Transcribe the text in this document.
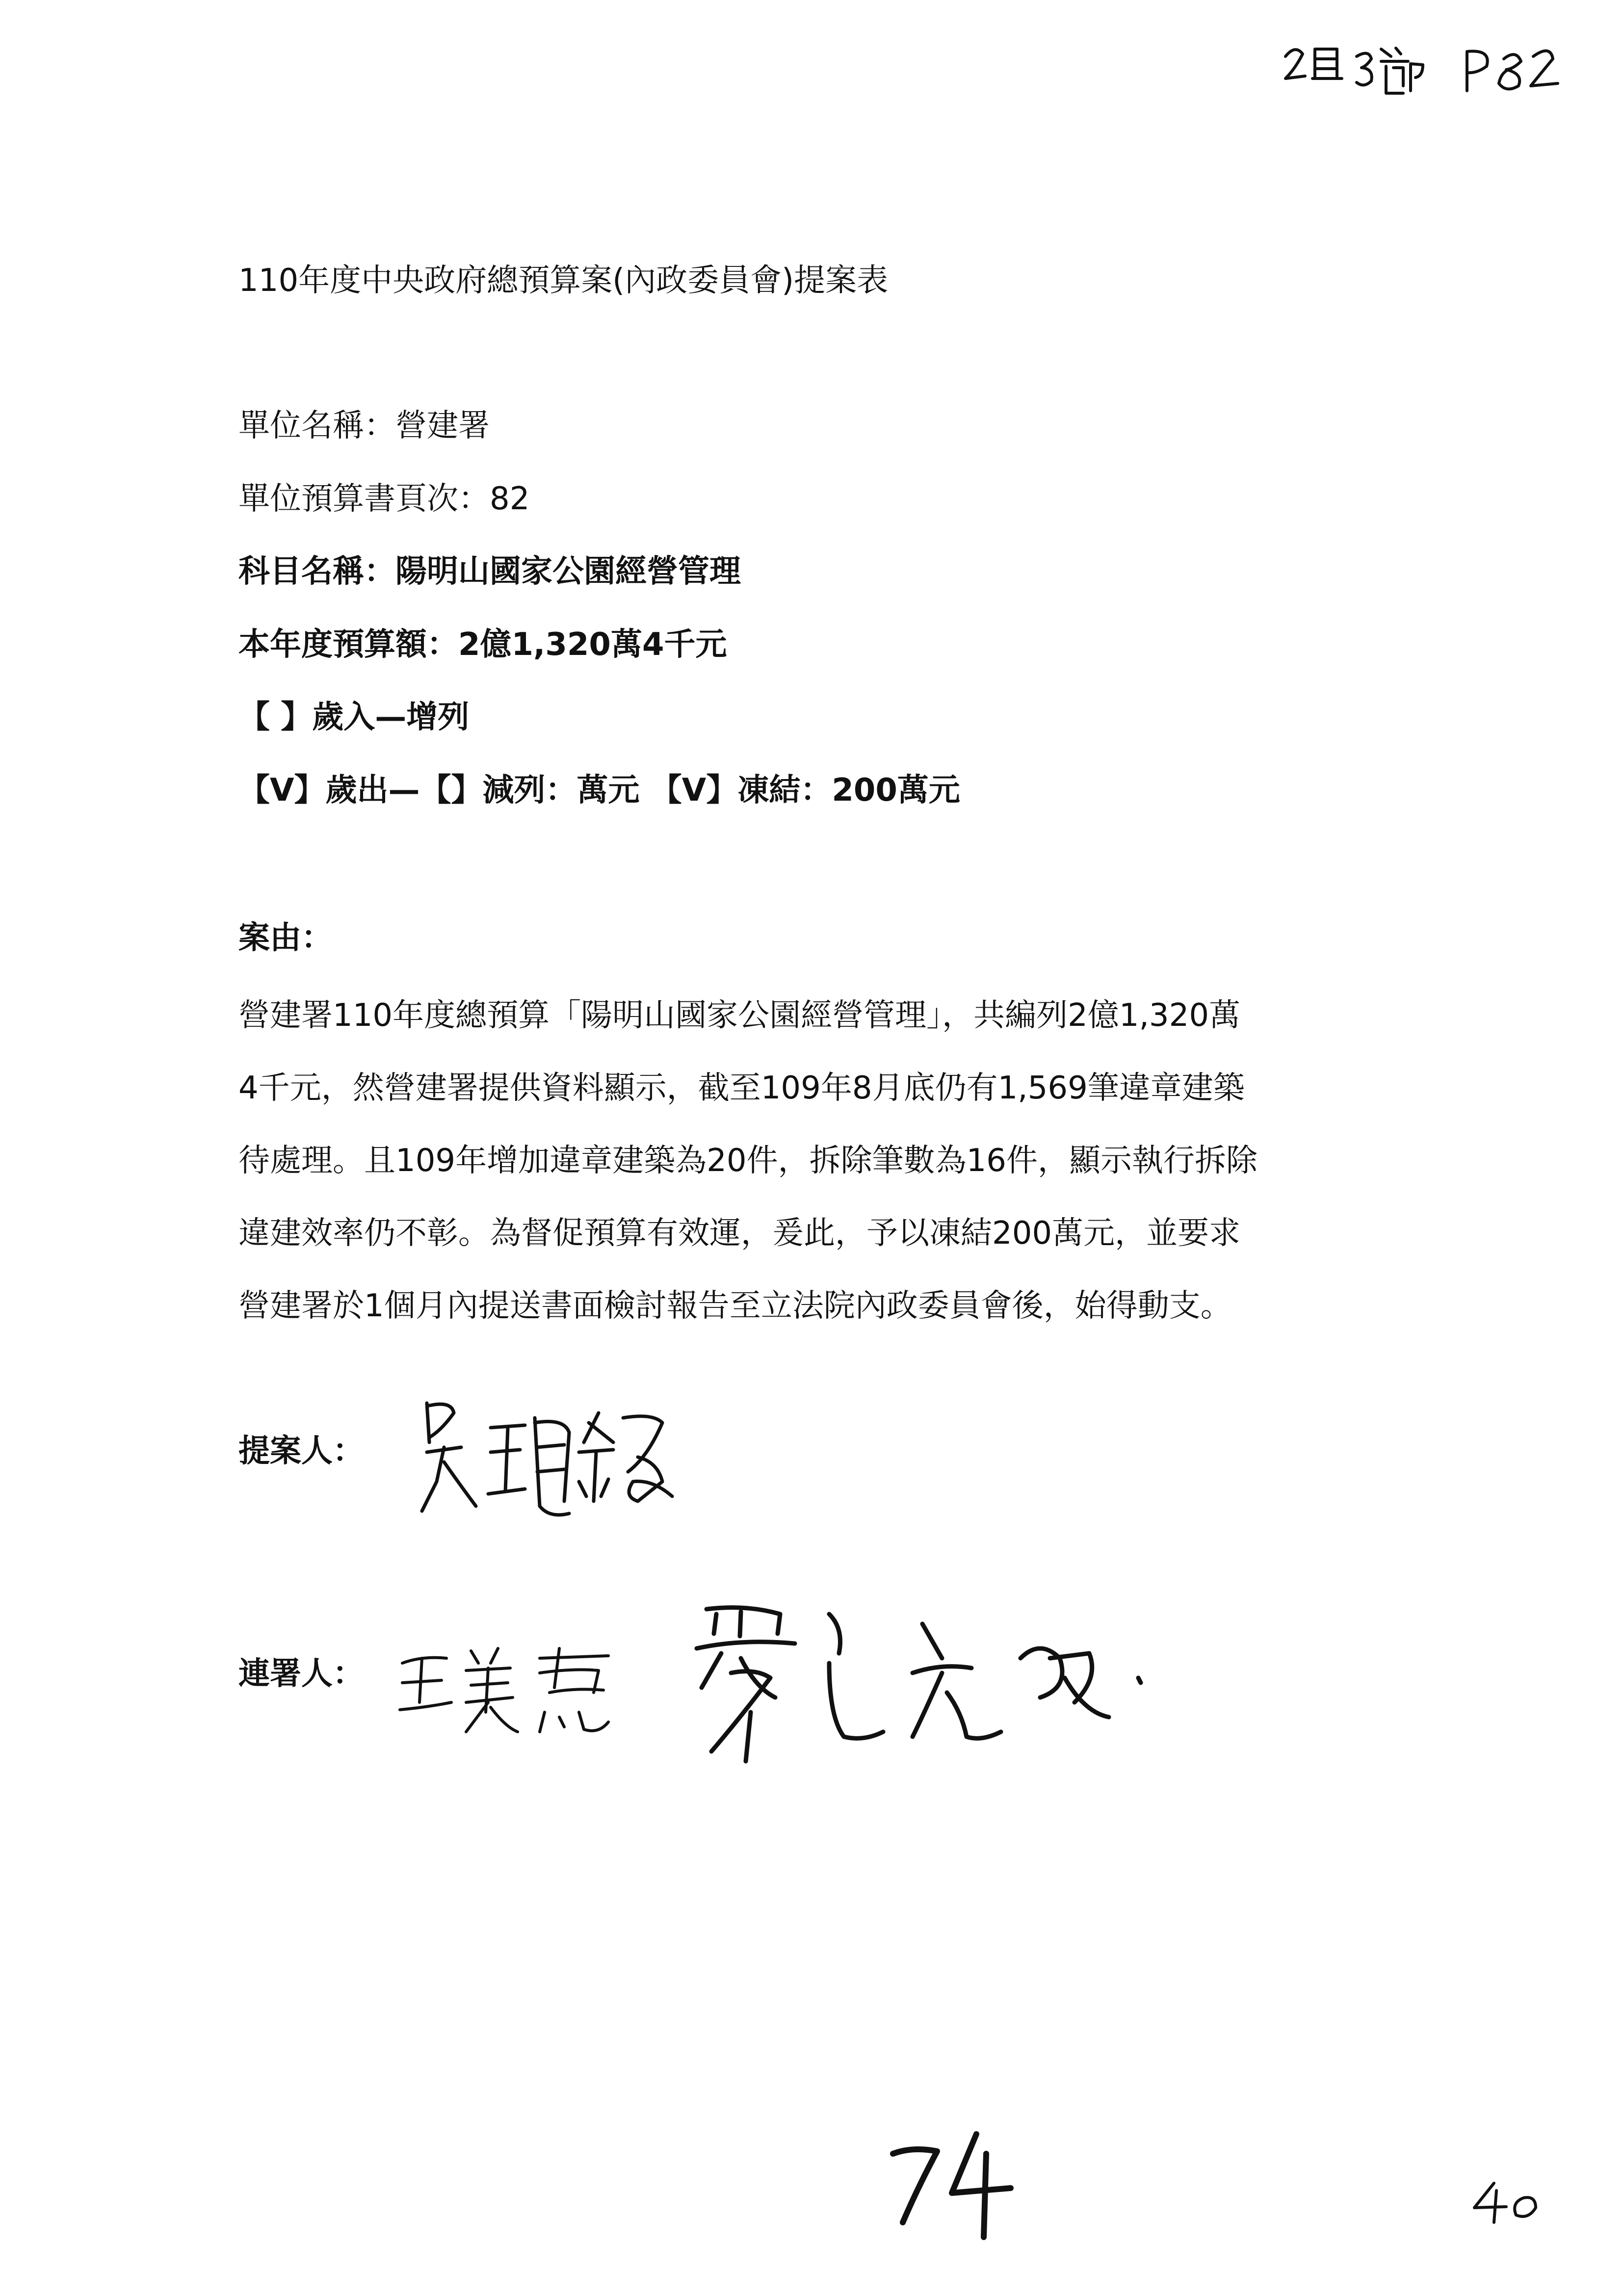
110年度中央政府總預算案(內政委員會)提案表
單位名稱：營建署
單位預算書頁次：82
科目名稱：陽明山國家公園經營管理
本年度預算額：2億1,320萬4千元
【 】歲入—增列
【V】歲出—【】減列：萬元 【V】凍結：200萬元
案由：
營建署110年度總預算「陽明山國家公園經營管理」，共編列2億1,320萬
4千元，然營建署提供資料顯示，截至109年8月底仍有1,569筆違章建築
待處理。且109年增加違章建築為20件，拆除筆數為16件，顯示執行拆除
違建效率仍不彰。為督促預算有效運，爰此，予以凍結200萬元，並要求
營建署於1個月內提送書面檢討報告至立法院內政委員會後，始得動支。
提案人：
連署人：
